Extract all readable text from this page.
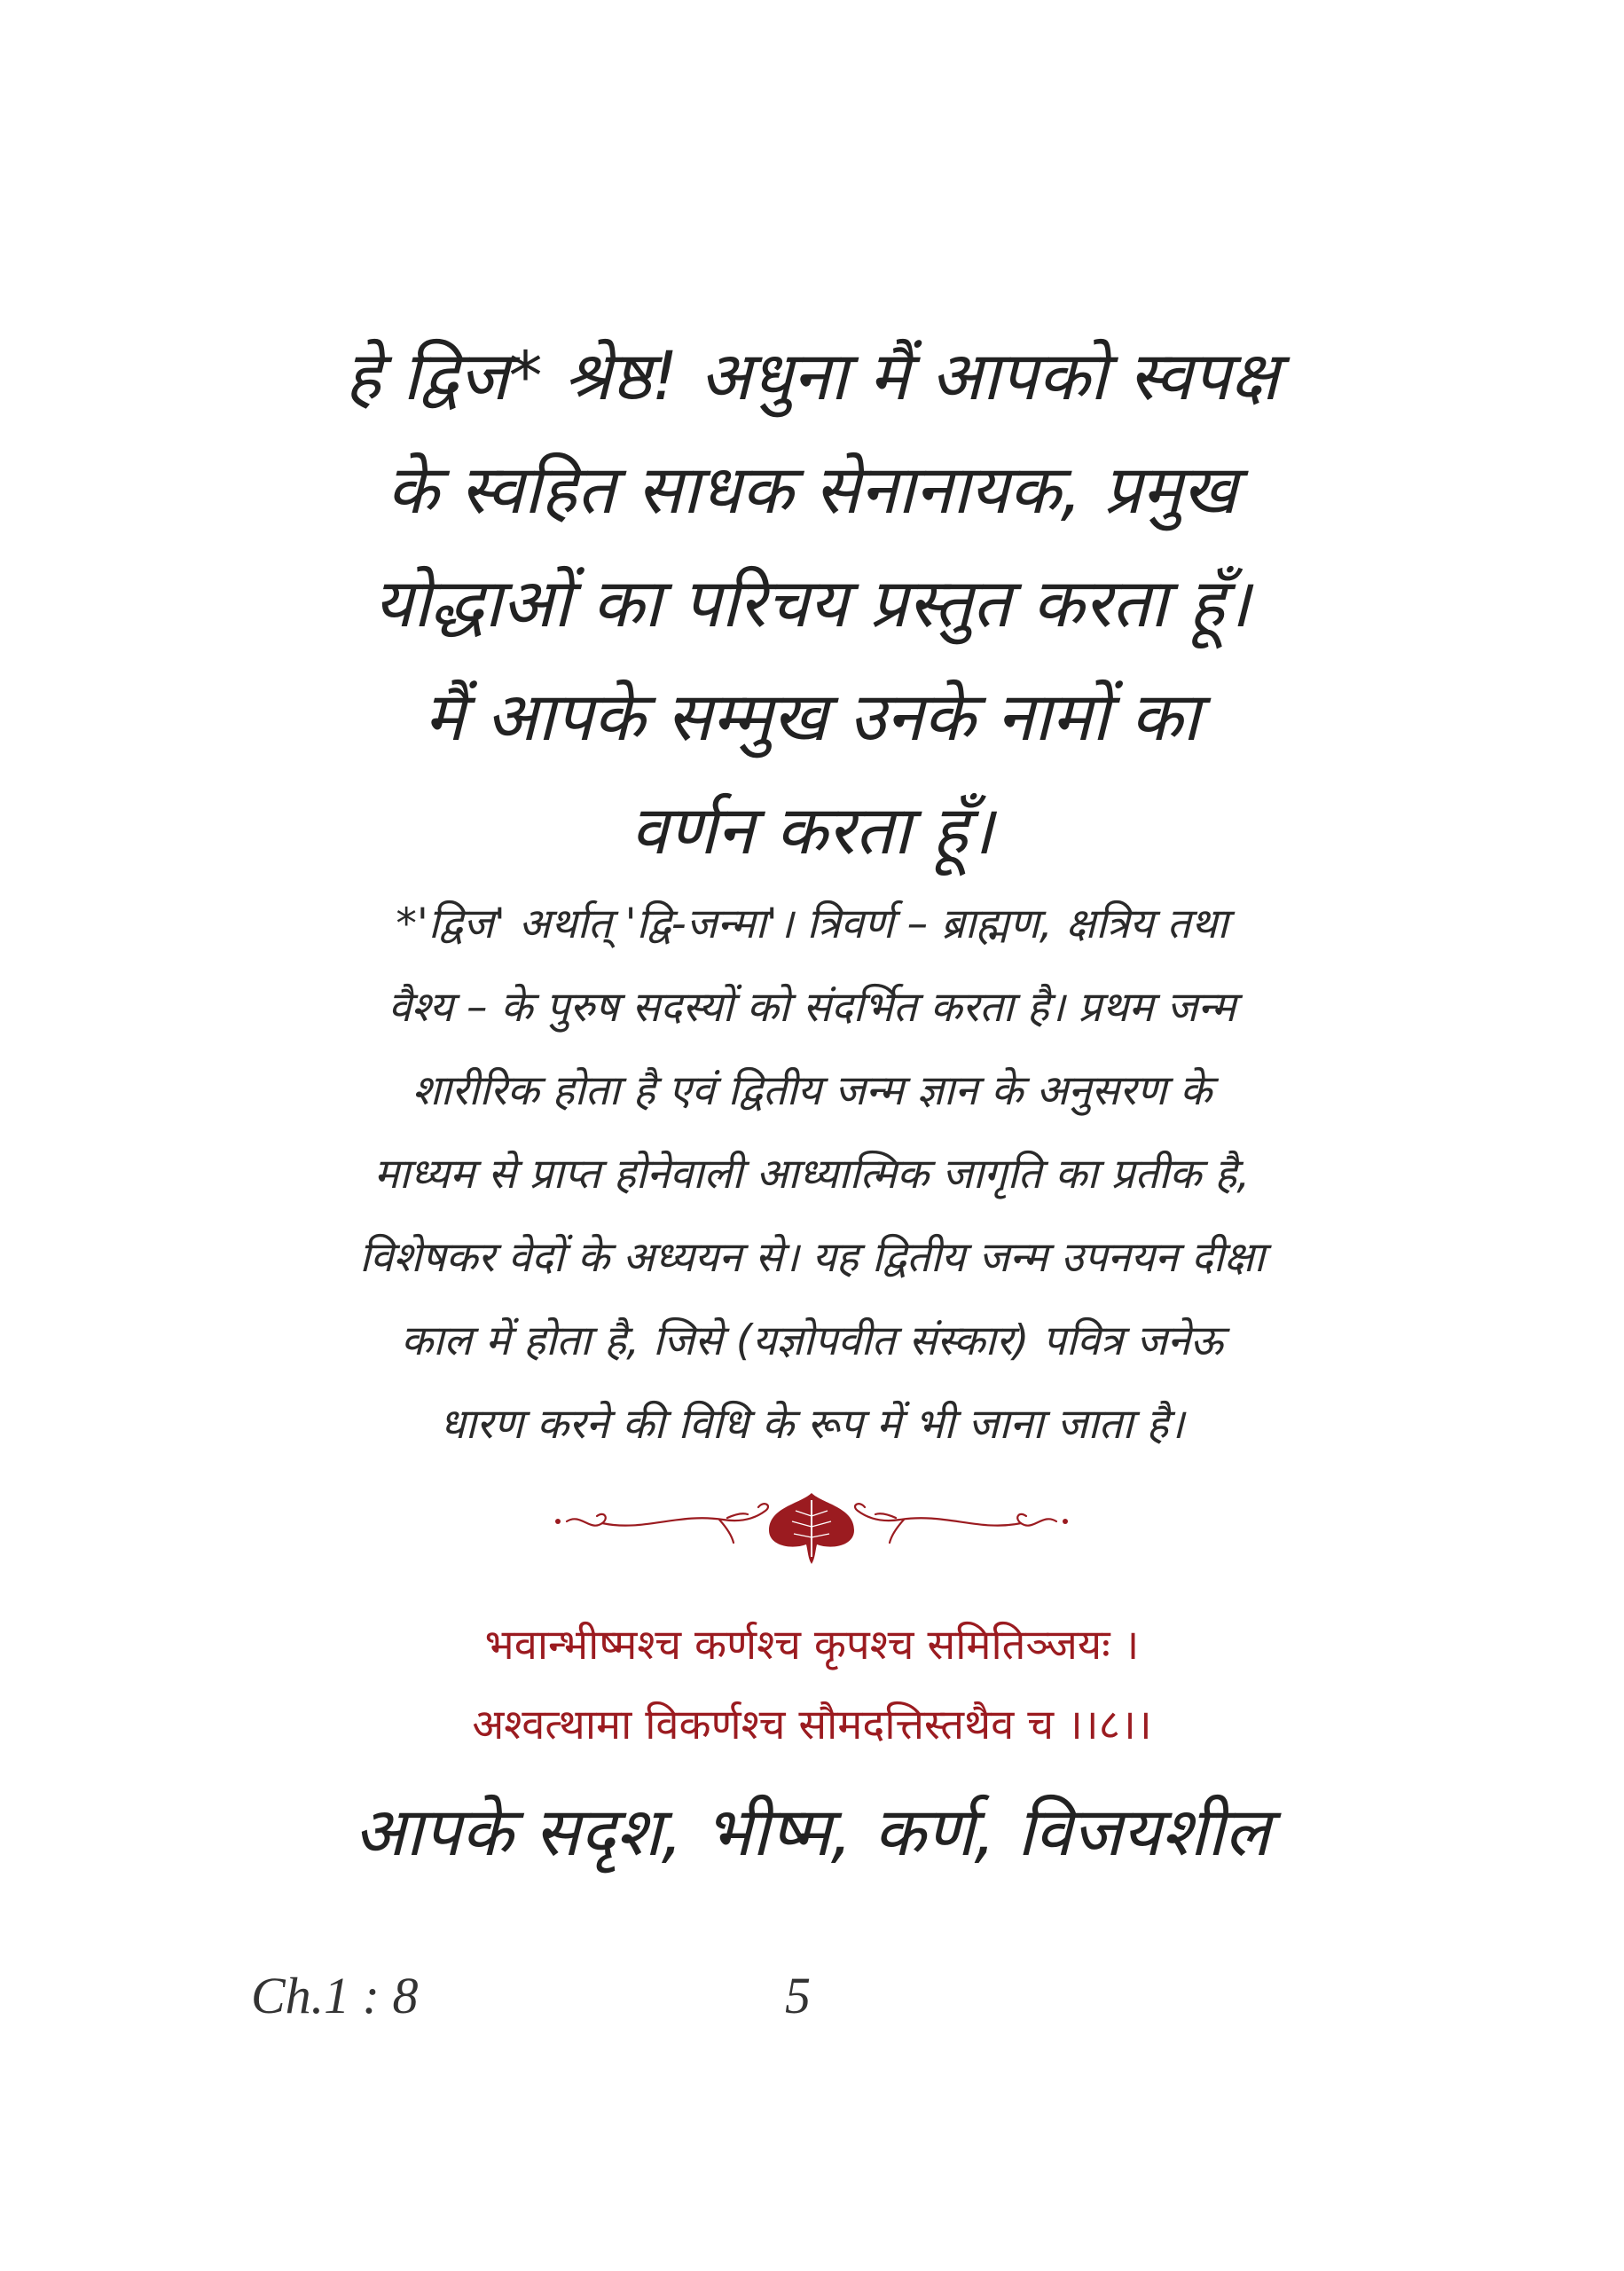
हे द्विज* श्रेष्ठ! अधुना मैं आपको स्वपक्ष
के स्वहित साधक सेनानायक, प्रमुख
योद्धाओं का परिचय प्रस्तुत करता हूँ।
मैं आपके सम्मुख उनके नामों का
वर्णन करता हूँ।
*'द्विज' अर्थात् 'द्वि-जन्मा'। त्रिवर्ण – ब्राह्मण, क्षत्रिय तथा
वैश्य – के पुरुष सदस्यों को संदर्भित करता है। प्रथम जन्म
शारीरिक होता है एवं द्वितीय जन्म ज्ञान के अनुसरण के
माध्यम से प्राप्त होनेवाली आध्यात्मिक जागृति का प्रतीक है,
विशेषकर वेदों के अध्ययन से। यह द्वितीय जन्म उपनयन दीक्षा
काल में होता है, जिसे (यज्ञोपवीत संस्कार) पवित्र जनेऊ
धारण करने की विधि के रूप में भी जाना जाता है।
भवान्भीष्मश्च कर्णश्च कृपश्च समितिञ्जयः ।
अश्वत्थामा विकर्णश्च सौमदत्तिस्तथैव च ।।८।।
आपके सदृश, भीष्म, कर्ण, विजयशील
Ch.1 : 8	5
